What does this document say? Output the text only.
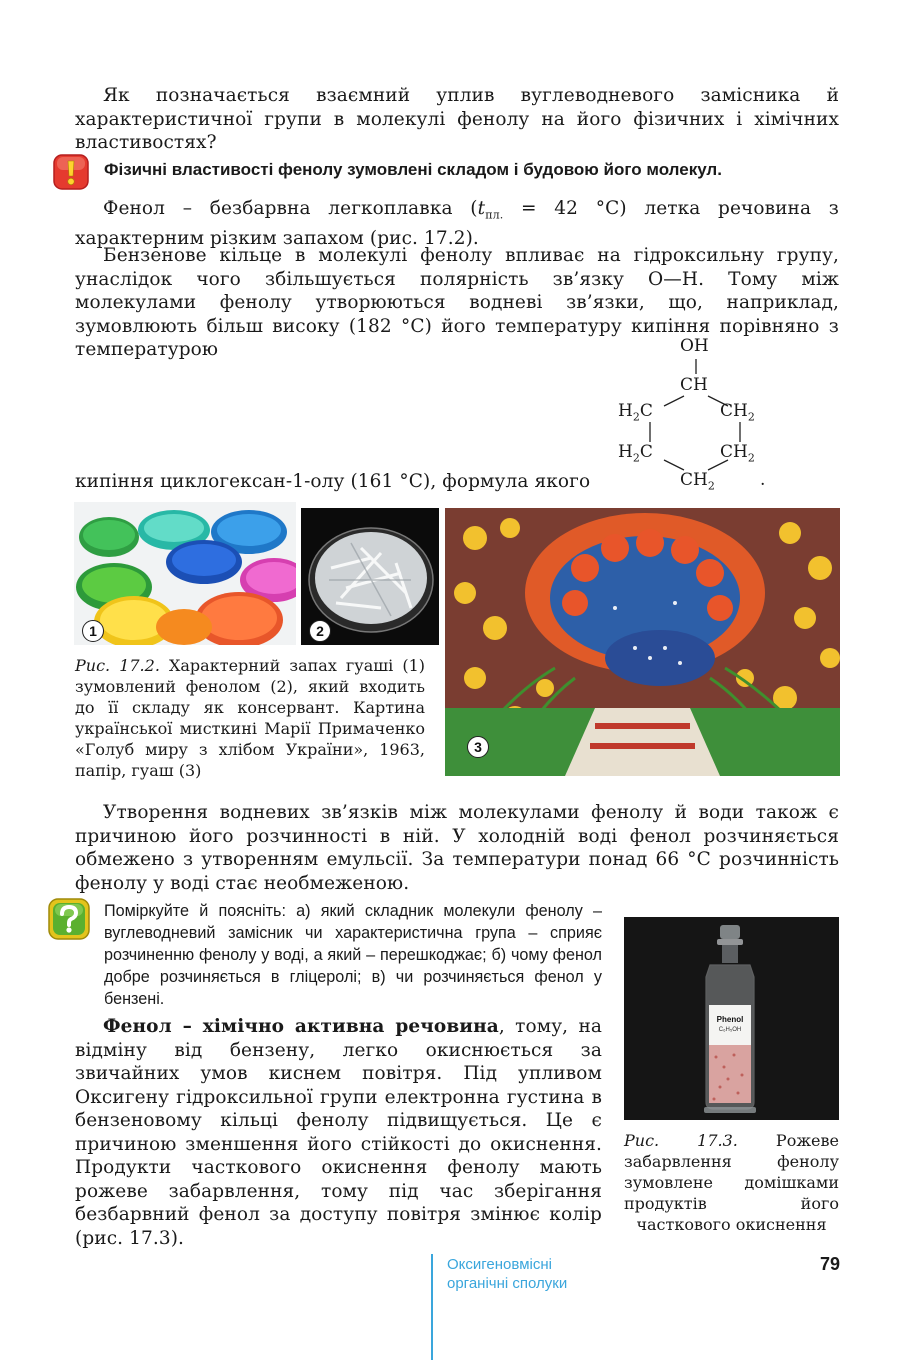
Як позначається взаємний уплив вуглеводневого замісника й характеристичної групи в молекулі фенолу на його фізичних і хімічних властивостях?
Фізичні властивості фенолу зумовлені складом і будовою його молекул.
Фенол – безбарвна легкоплавка ($t_{пл.} = 42$ °С) летка речовина з характерним різким запахом (рис. 17.2).
Бензенове кільце в молекулі фенолу впливає на гідроксильну групу, унаслідок чого збільшується полярність зв’язку О—Н. Тому між молекулами фенолу утворюються водневі зв’язки, що, наприклад, зумовлюють більш високу (182 °С) його температуру кипіння порівняно з температурою
кипіння циклогексан-1-олу (161 °С), формула якого
OH
CH
$H_2C$	$CH_2$
$H_2C$	$CH_2$
$CH_2$	.
1	2
3
Рис. 17.2. Характерний запах гуаші (1) зумовлений фенолом (2), який входить до її складу як консервант. Картина української мисткині Марії Примаченко «Голуб миру з хлібом України», 1963, папір, гуаш (3)
Утворення водневих зв’язків між молекулами фенолу й води також є причиною його розчинності в ній. У холодній воді фенол розчиняється обмежено з утворенням емульсії. За температури понад 66 °С розчинність фенолу у воді стає необмеженою.
Поміркуйте й поясніть: а) який складник молекули фенолу – вуглеводневий замісник чи характеристична група – сприяє розчиненню фенолу у воді, а який – перешкоджає; б) чому фенол добре розчиняється в гліцеролі; в) чи розчиняється фенол у бензені.
Фенол – хімічно активна речовина, тому, на відміну від бензену, легко окиснюється за звичайних умов киснем повітря. Під упливом Оксигену гідроксильної групи електронна густина в бензеновому кільці фенолу підвищується. Це є причиною зменшення його стійкості до окиснення. Продукти часткового окиснення фенолу мають рожеве забарвлення, тому під час зберігання безбарвний фенол за доступу повітря змінює колір (рис. 17.3).
Phenol
C₆H₅OH
Рис. 17.3. Рожеве забарвлення фенолу зумовлене домішками продуктів його часткового окиснення
Оксигеновмісні
органічні сполуки
79
